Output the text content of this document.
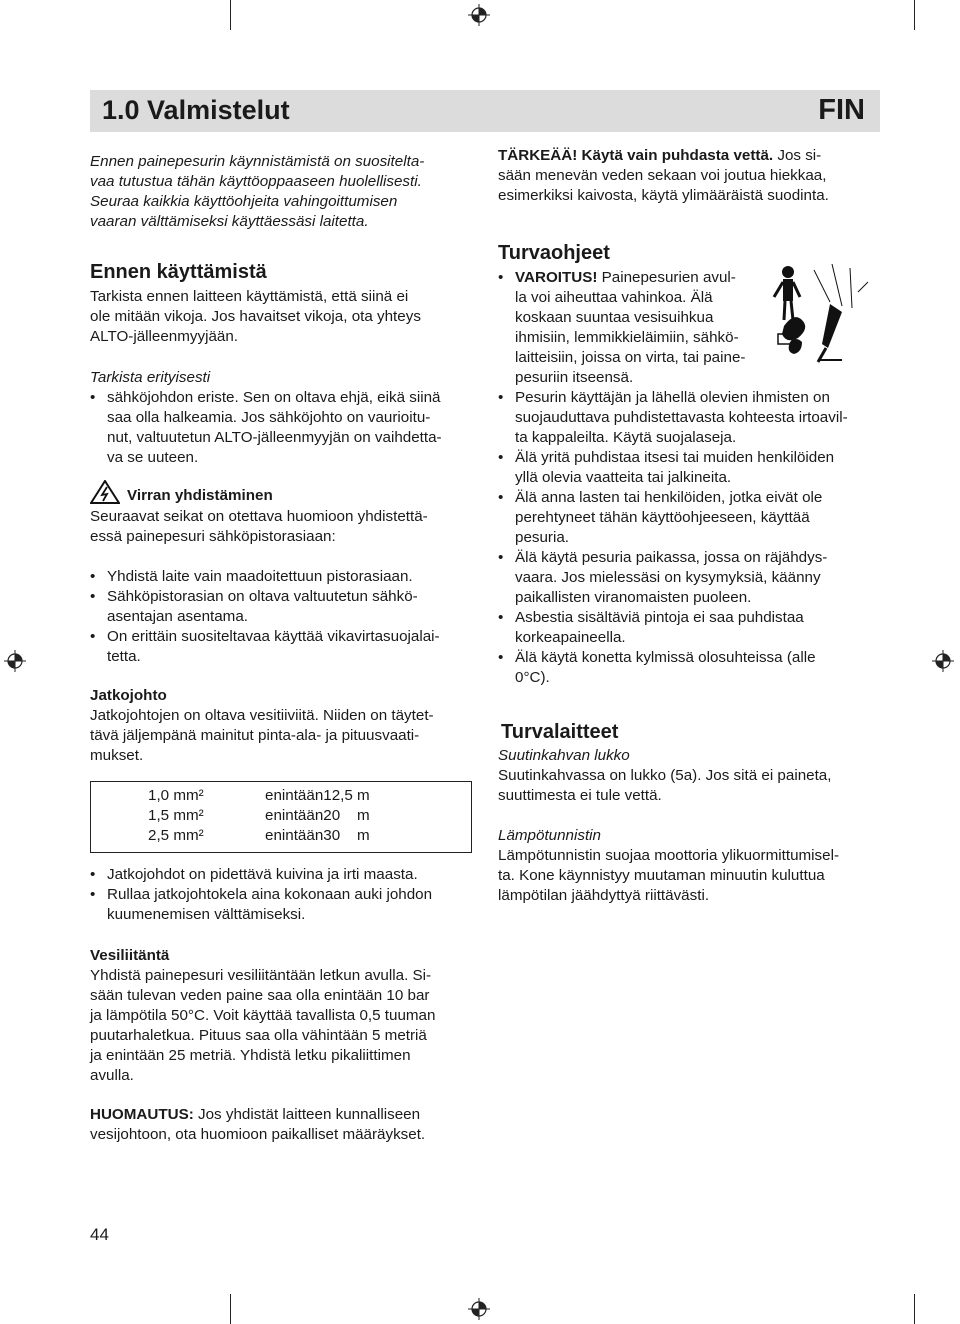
1.0 Valmistelut	FIN

Ennen painepesurin käynnistämistä on suositelta-

vaa tutustua tähän käyttöoppaaseen huolellisesti.

Seuraa kaikkia käyttöohjeita vahingoittumisen

vaaran välttämiseksi käyttäessäsi laitetta.

Ennen käyttämistä

Tarkista ennen laitteen käyttämistä, että siinä ei

ole mitään vikoja. Jos havaitset vikoja, ota yhteys

ALTO-jälleenmyyjään.

Tarkista erityisesti

• sähköjohdon eriste. Sen on oltava ehjä, eikä siinä

saa olla halkeamia. Jos sähköjohto on vaurioitu-

nut, valtuutetun ALTO-jälleenmyyjän on vaihdetta-

va se uuteen.

Virran yhdistäminen

Seuraavat seikat on otettava huomioon yhdistettä-

essä painepesuri sähköpistorasiaan:

• Yhdistä laite vain maadoitettuun pistorasiaan.

• Sähköpistorasian on oltava valtuutetun sähkö-

asentajan asentama.

• On erittäin suositeltavaa käyttää vikavirtasuojalai-

tetta.

Jatkojohto

Jatkojohtojen on oltava vesitiiviitä. Niiden on täytet-

tävä jäljempänä mainitut pinta-ala- ja pituusvaati-

mukset.

1,0 mm²	enintään12,5 m
1,5 mm²	enintään20    m
2,5 mm²	enintään30    m

• Jatkojohdot on pidettävä kuivina ja irti maasta.

• Rullaa jatkojohtokela aina kokonaan auki johdon

kuumenemisen välttämiseksi.

Vesiliitäntä

Yhdistä painepesuri vesiliitäntään letkun avulla. Si-

sään tulevan veden paine saa olla enintään 10 bar

ja lämpötila 50°C. Voit käyttää tavallista 0,5 tuuman

puutarhaletkua. Pituus saa olla vähintään 5 metriä

ja enintään 25 metriä. Yhdistä letku pikaliittimen

avulla.

HUOMAUTUS: Jos yhdistät laitteen kunnalliseen

vesijohtoon, ota huomioon paikalliset määräykset.

TÄRKEÄÄ! Käytä vain puhdasta vettä. Jos si-

sään menevän veden sekaan voi joutua hiekkaa,

esimerkiksi kaivosta, käytä ylimääräistä suodinta.

Turvaohjeet

• VAROITUS! Painepesurien avul-

la voi aiheuttaa vahinkoa. Älä

koskaan suuntaa vesisuihkua

ihmisiin, lemmikkieläimiin, sähkö-

laitteisiin, joissa on virta, tai paine-

pesuriin itseensä.

• Pesurin käyttäjän ja lähellä olevien ihmisten on

suojauduttava puhdistettavasta kohteesta irtoavil-

ta kappaleilta. Käytä suojalaseja.

• Älä yritä puhdistaa itsesi tai muiden henkilöiden

yllä olevia vaatteita tai jalkineita.

• Älä anna lasten tai henkilöiden, jotka eivät ole

perehtyneet tähän käyttöohjeeseen, käyttää

pesuria.

• Älä käytä pesuria paikassa, jossa on räjähdys-

vaara. Jos mielessäsi on kysymyksiä, käänny

paikallisten viranomaisten puoleen.

• Asbestia sisältäviä pintoja ei saa puhdistaa

korkeapaineella.

• Älä käytä konetta kylmissä olosuhteissa (alle

0°C).

Turvalaitteet
Suutinkahvan lukko

Suutinkahvassa on lukko (5a). Jos sitä ei paineta,

suuttimesta ei tule vettä.

Lämpötunnistin

Lämpötunnistin suojaa moottoria ylikuormittumisel-

ta. Kone käynnistyy muutaman minuutin kuluttua

lämpötilan jäähdyttyä riittävästi.

44
